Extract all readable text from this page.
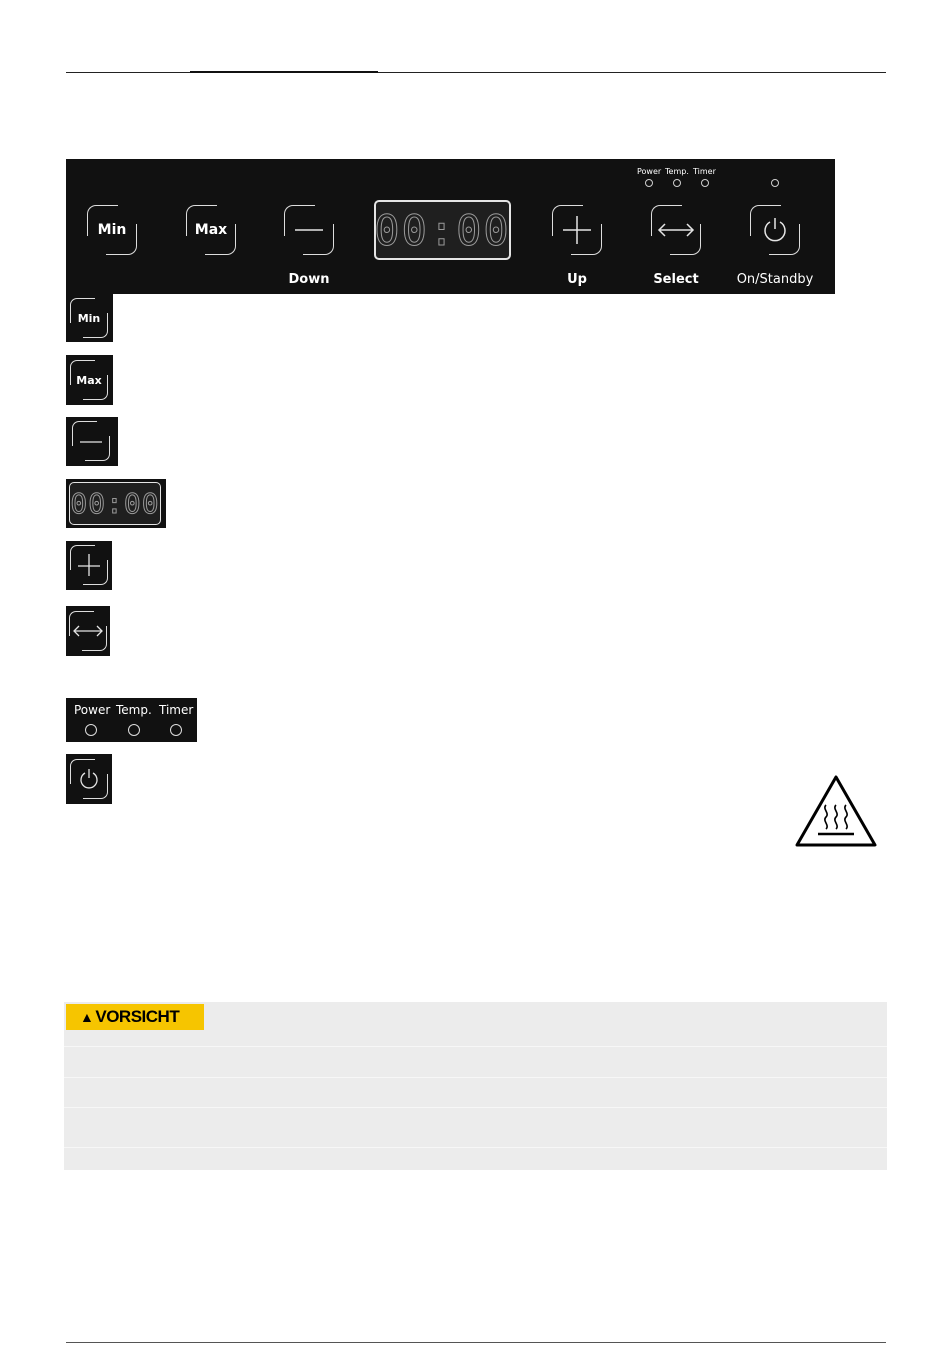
Min	Max
Down
00:00
Up	Select	On/Standby
Power Temp. Timer
Min
Max
00:00
Power Temp. Timer
▲ VORSICHT
